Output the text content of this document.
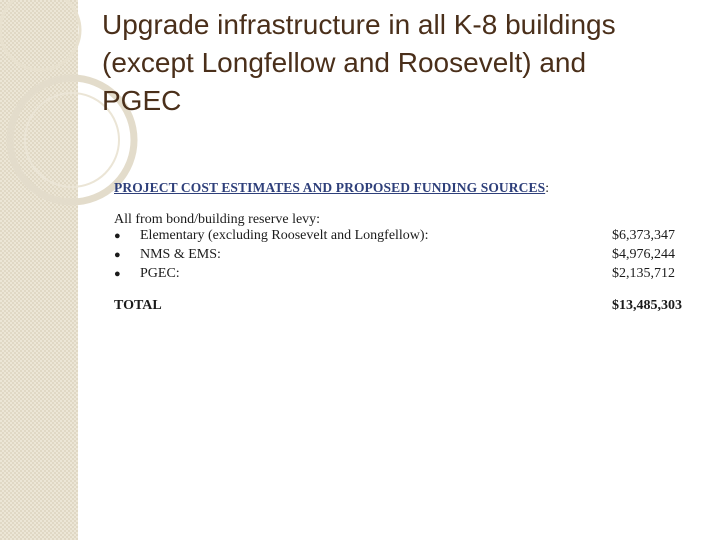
Upgrade infrastructure in all K-8 buildings (except Longfellow and Roosevelt) and PGEC
PROJECT COST ESTIMATES AND PROPOSED FUNDING SOURCES:
All from bond/building reserve levy:
●	Elementary (excluding Roosevelt and Longfellow):	$6,373,347
●	NMS & EMS:	$4,976,244
●	PGEC:	$2,135,712
TOTAL	$13,485,303
